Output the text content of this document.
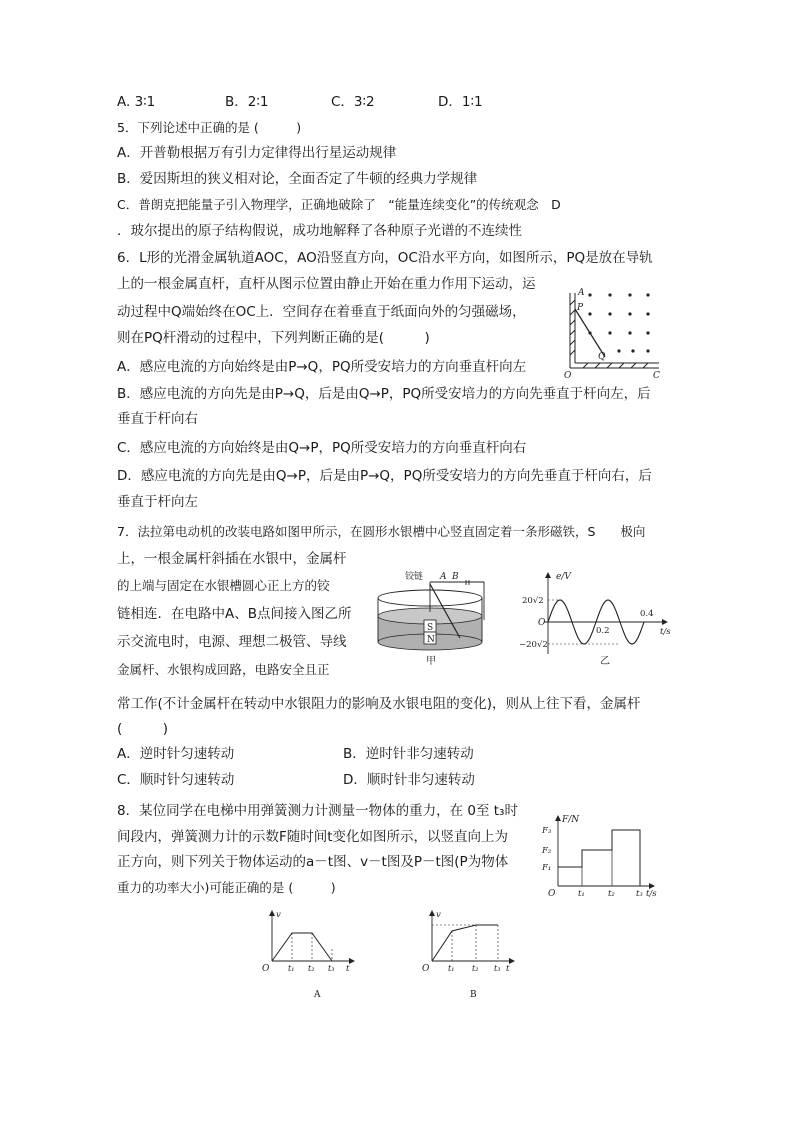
A. 3∶1	B．2∶1	C．3∶2	D．1∶1
5．下列论述中正确的是 (　　　)
A．开普勒根据万有引力定律得出行星运动规律
B．爱因斯坦的狭义相对论，全面否定了牛顿的经典力学规律
C．普朗克把能量子引入物理学，正确地破除了　“能量连续变化”的传统观念　D
．玻尔提出的原子结构假说，成功地解释了各种原子光谱的不连续性
6．L形的光滑金属轨道AOC，AO沿竖直方向，OC沿水平方向，如图所示，PQ是放在导轨
上的一根金属直杆，直杆从图示位置由静止开始在重力作用下运动，运
动过程中Q端始终在OC上．空间存在着垂直于纸面向外的匀强磁场，
则在PQ杆滑动的过程中，下列判断正确的是(　　　)
A．感应电流的方向始终是由P→Q，PQ所受安培力的方向垂直杆向左
B．感应电流的方向先是由P→Q，后是由Q→P，PQ所受安培力的方向先垂直于杆向左，后
垂直于杆向右
C．感应电流的方向始终是由Q→P，PQ所受安培力的方向垂直杆向右
D．感应电流的方向先是由Q→P，后是由P→Q，PQ所受安培力的方向先垂直于杆向右，后
垂直于杆向左
A
P
Q
O	C
7．法拉第电动机的改装电路如图甲所示，在圆形水银槽中心竖直固定着一条形磁铁，S　　极向
上，一根金属杆斜插在水银中，金属杆
的上端与固定在水银槽圆心正上方的铰
链相连．在电路中A、B点间接入图乙所
示交流电时，电源、理想二极管、导线
金属杆、水银构成回路，电路安全且正
常工作(不计金属杆在转动中水银阻力的影响及水银电阻的变化)，则从上往下看，金属杆
(　　　)
A．逆时针匀速转动	B．逆时针非匀速转动
C．顺时针匀速转动	D．顺时针非匀速转动
S
N
铰链 A B
甲
e/V
20√2
O
−20√2
0.2
0.4
t/s
乙
8．某位同学在电梯中用弹簧测力计测量一物体的重力，在 0至 t₃时
间段内，弹簧测力计的示数F随时间t变化如图所示，以竖直向上为
正方向，则下列关于物体运动的a－t图、v－t图及P－t图(P为物体
重力的功率大小)可能正确的是 (　　　)
F/N
F₃
F₂
F₁
O	t₁	t₂ t₃ t/s
v
O t₁ t₂ t₃ t
A
v
O t₁ t₂ t₃ t
B
